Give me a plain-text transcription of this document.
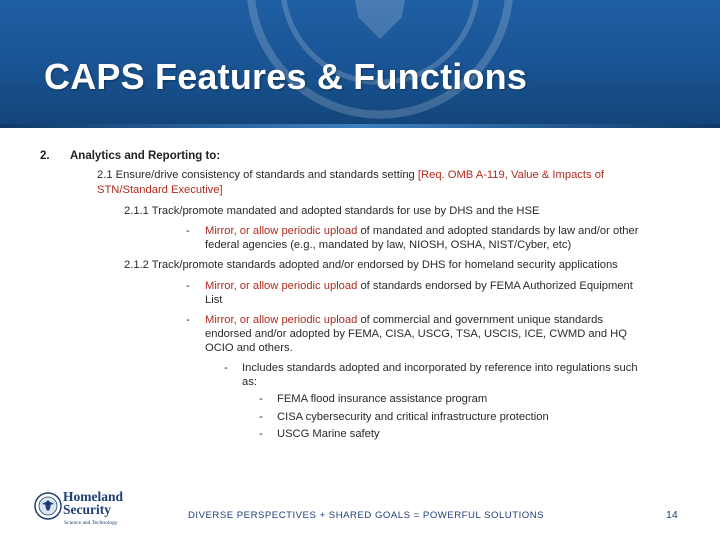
CAPS Features & Functions
2. Analytics and Reporting to:
2.1 Ensure/drive consistency of standards and standards setting [Req. OMB A-119, Value & Impacts of
STN/Standard Executive]
2.1.1 Track/promote mandated and adopted standards for use by DHS and the HSE
- Mirror, or allow periodic upload of mandated and adopted standards by law and/or other
federal agencies (e.g., mandated by law, NIOSH, OSHA, NIST/Cyber, etc)
2.1.2 Track/promote standards adopted and/or endorsed by DHS for homeland security applications
- Mirror, or allow periodic upload of standards endorsed by FEMA Authorized Equipment
List
- Mirror, or allow periodic upload of commercial and government unique standards
endorsed and/or adopted by FEMA, CISA, USCG, TSA, USCIS, ICE, CWMD and HQ
OCIO and others.
- Includes standards adopted and incorporated by reference into regulations such
as:
- FEMA flood insurance assistance program
- CISA cybersecurity and critical infrastructure protection
- USCG Marine safety
Homeland
Security
Science and Technology
DIVERSE PERSPECTIVES + SHARED GOALS = POWERFUL SOLUTIONS	14
